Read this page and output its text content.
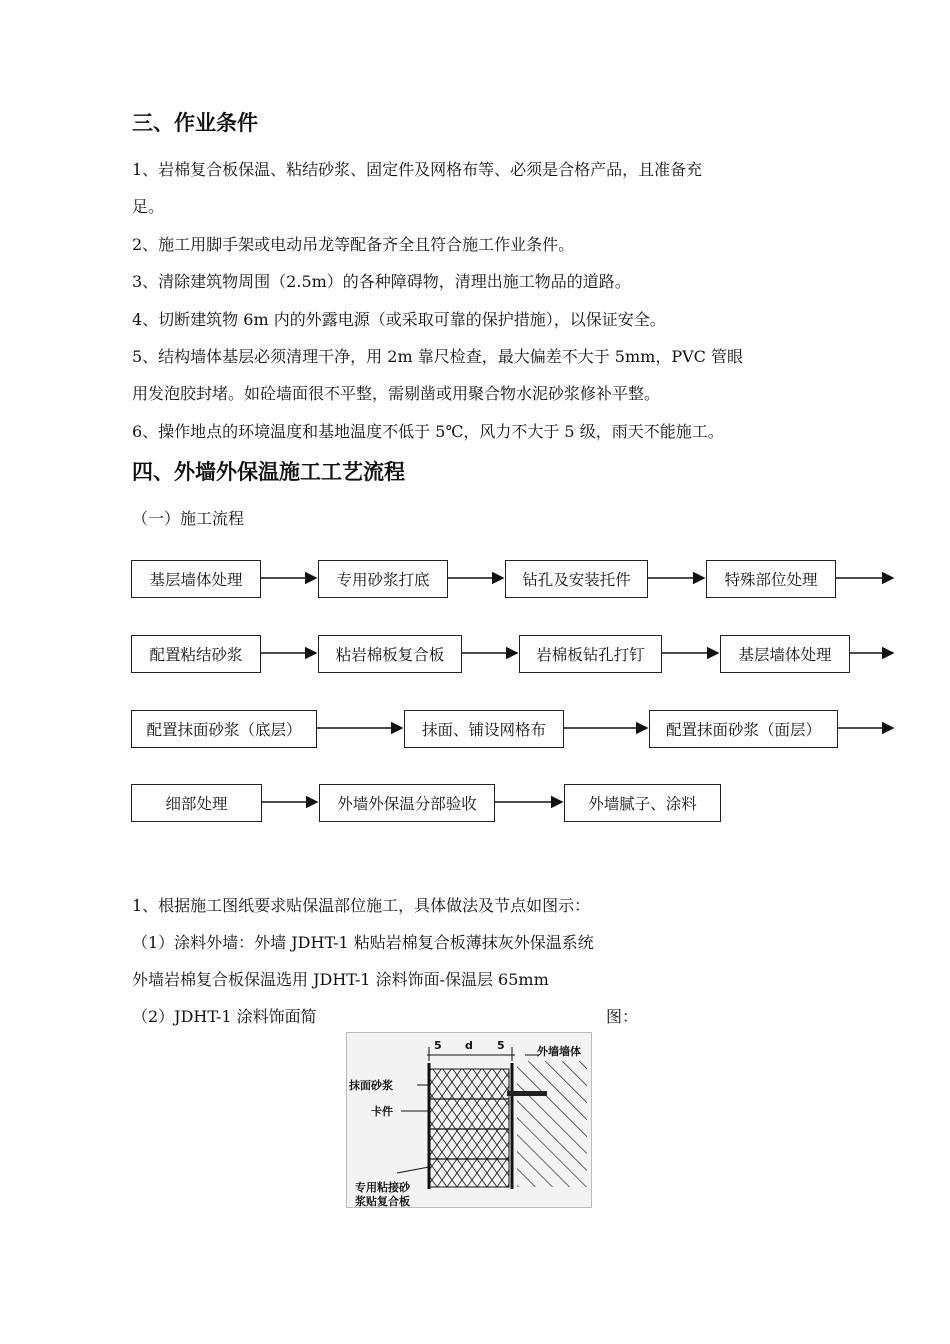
三、作业条件
1、岩棉复合板保温、粘结砂浆、固定件及网格布等、必须是合格产品，且准备充
足。
2、施工用脚手架或电动吊龙等配备齐全且符合施工作业条件。
3、清除建筑物周围（2.5m）的各种障碍物，清理出施工物品的道路。
4、切断建筑物 6m 内的外露电源（或采取可靠的保护措施），以保证安全。
5、结构墙体基层必须清理干净，用 2m 靠尺检查，最大偏差不大于 5mm，PVC 管眼
用发泡胶封堵。如砼墙面很不平整，需剔凿或用聚合物水泥砂浆修补平整。
6、操作地点的环境温度和基地温度不低于 5℃，风力不大于 5 级，雨天不能施工。
四、外墙外保温施工工艺流程
（一）施工流程
基层墙体处理	专用砂浆打底	钻孔及安装托件	特殊部位处理
配置粘结砂浆	粘岩棉板复合板	岩棉板钻孔打钉	基层墙体处理
配置抹面砂浆（底层）	抹面、铺设网格布	配置抹面砂浆（面层）
细部处理	外墙外保温分部验收	外墙腻子、涂料
1、根据施工图纸要求贴保温部位施工，具体做法及节点如图示：
（1）涂料外墙：外墙 JDHT-1 粘贴岩棉复合板薄抹灰外保温系统
外墙岩棉复合板保温选用 JDHT-1 涂料饰面-保温层 65mm
（2）JDHT-1 涂料饰面简	图：
5 d 5	外墙墙体
抹面砂浆
卡件
专用粘接砂
浆贴复合板
